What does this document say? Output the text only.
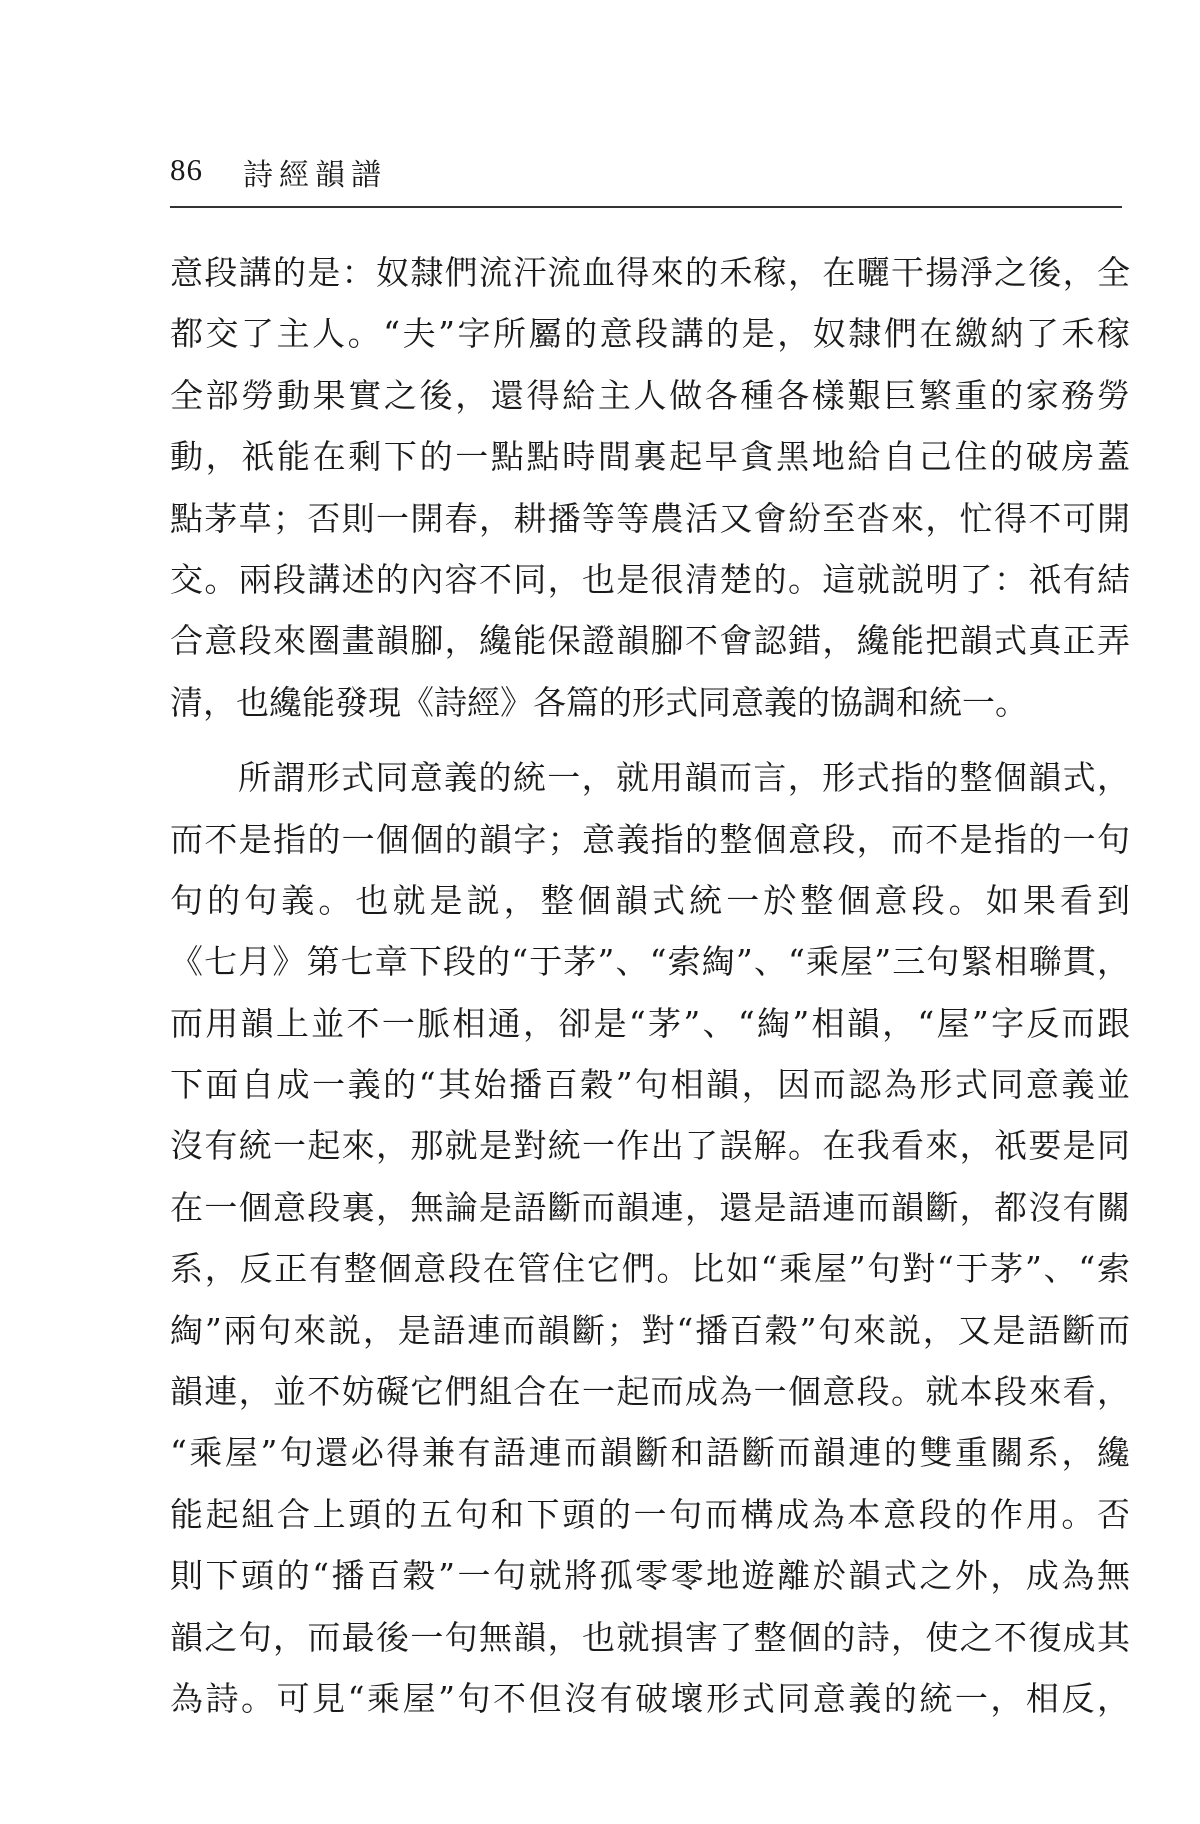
86 詩經韻譜
意段講的是：奴隸們流汗流血得來的禾稼，在曬干揚淨之後，全
都交了主人。“夫”字所屬的意段講的是，奴隸們在繳納了禾稼
全部勞動果實之後，還得給主人做各種各樣艱巨繁重的家務勞
動，祇能在剩下的一點點時間裏起早貪黑地給自己住的破房蓋
點茅草；否則一開春，耕播等等農活又會紛至沓來，忙得不可開
交。兩段講述的內容不同，也是很清楚的。這就説明了：祇有結
合意段來圈畫韻腳，纔能保證韻腳不會認錯，纔能把韻式真正弄
清，也纔能發現《詩經》各篇的形式同意義的協調和統一。
所謂形式同意義的統一，就用韻而言，形式指的整個韻式，
而不是指的一個個的韻字；意義指的整個意段，而不是指的一句
句的句義。也就是説，整個韻式統一於整個意段。如果看到
《七月》第七章下段的“于茅”、“索綯”、“乘屋”三句緊相聯貫，
而用韻上並不一脈相通，卻是“茅”、“綯”相韻，“屋”字反而跟
下面自成一義的“其始播百穀”句相韻，因而認為形式同意義並
沒有統一起來，那就是對統一作出了誤解。在我看來，祇要是同
在一個意段裏，無論是語斷而韻連，還是語連而韻斷，都沒有關
系，反正有整個意段在管住它們。比如“乘屋”句對“于茅”、“索
綯”兩句來説，是語連而韻斷；對“播百穀”句來説，又是語斷而
韻連，並不妨礙它們組合在一起而成為一個意段。就本段來看，
“乘屋”句還必得兼有語連而韻斷和語斷而韻連的雙重關系，纔
能起組合上頭的五句和下頭的一句而構成為本意段的作用。否
則下頭的“播百穀”一句就將孤零零地遊離於韻式之外，成為無
韻之句，而最後一句無韻，也就損害了整個的詩，使之不復成其
為詩。可見“乘屋”句不但沒有破壞形式同意義的統一，相反，
